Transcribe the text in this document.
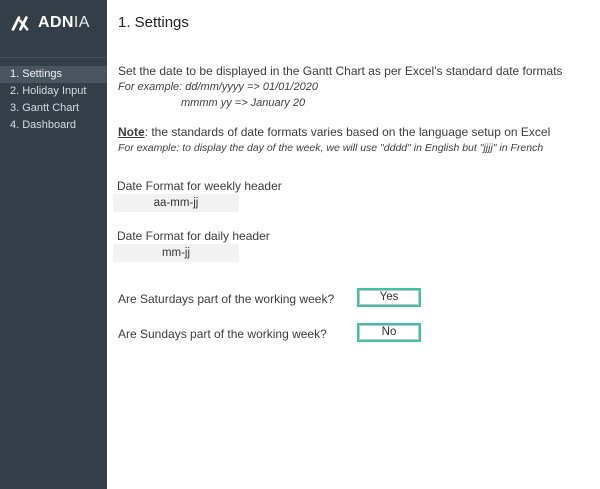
ADNIA
1. Settings
2. Holiday Input
3. Gantt Chart
4. Dashboard
1. Settings

Set the date to be displayed in the Gantt Chart as per Excel's standard date formats

For example: dd/mm/yyyy => 01/01/2020

mmmm yy => January 20

Note: the standards of date formats varies based on the language setup on Excel

For example: to display the day of the week, we will use "dddd" in English but "jjjj" in French

Date Format for weekly header
aa-mm-jj
Date Format for daily header
mm-jj
Are Saturdays part of the working week?	Yes
Are Sundays part of the working week?	No
